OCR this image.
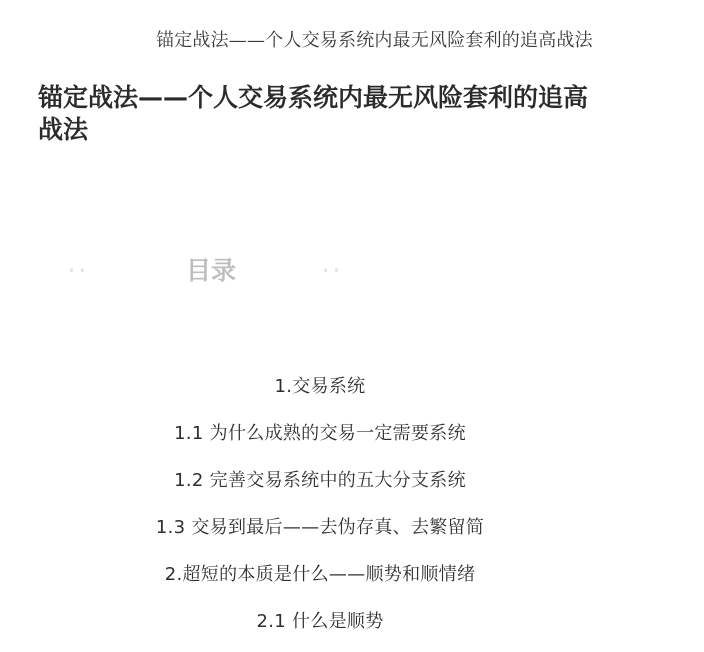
锚定战法——个人交易系统内最无风险套利的追高战法
锚定战法——个人交易系统内最无风险套利的追高战法
• •	目录	• •
1.交易系统
1.1 为什么成熟的交易一定需要系统
1.2 完善交易系统中的五大分支系统
1.3 交易到最后——去伪存真、去繁留简
2.超短的本质是什么——顺势和顺情绪
2.1 什么是顺势
